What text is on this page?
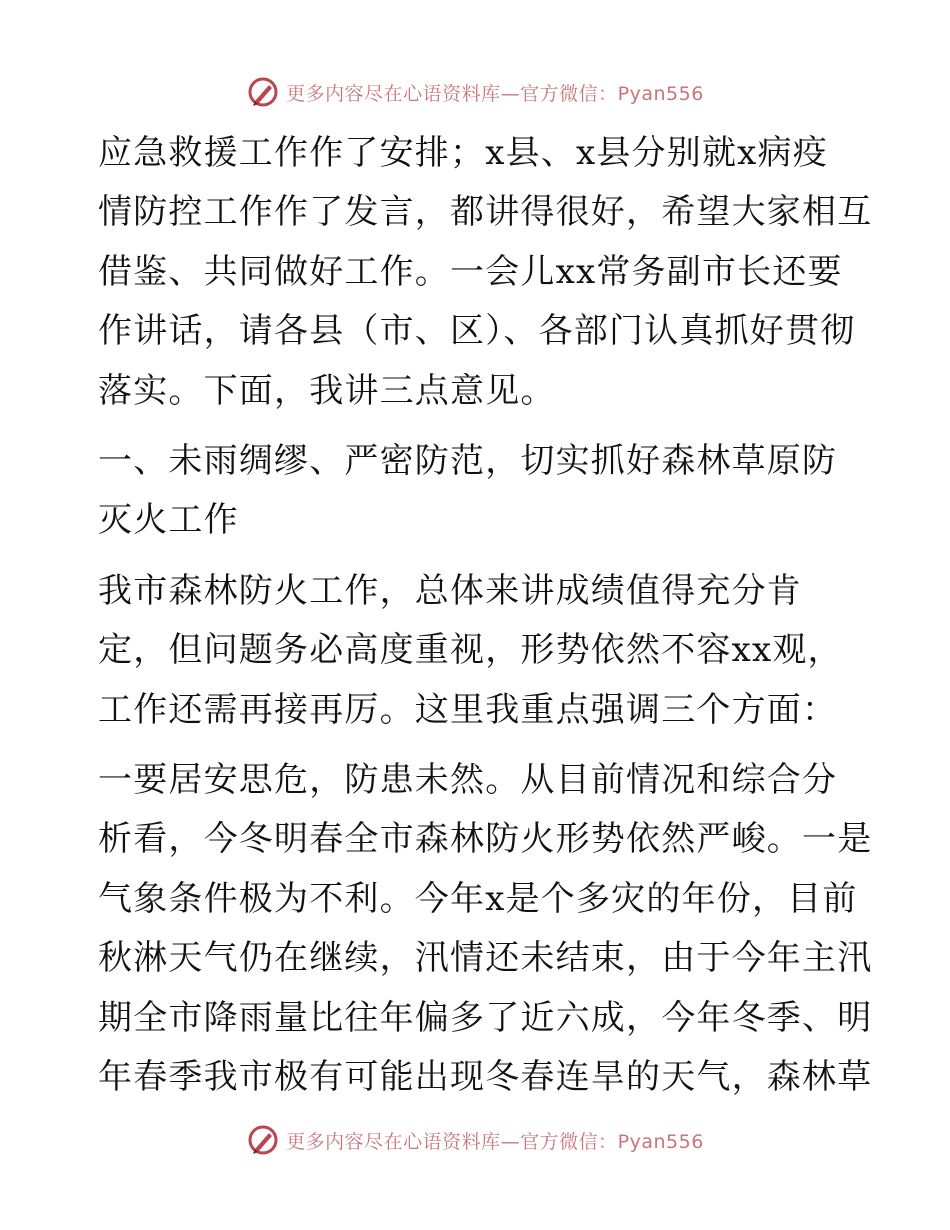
更多内容尽在心语资料库—官方微信：Pyan556

应急救援工作作了安排；x县、x县分别就x病疫
情防控工作作了发言，都讲得很好，希望大家相互
借鉴、共同做好工作。一会儿xx常务副市长还要
作讲话，请各县（市、区）、各部门认真抓好贯彻
落实。下面，我讲三点意见。

一、未雨绸缪、严密防范，切实抓好森林草原防
灭火工作

我市森林防火工作，总体来讲成绩值得充分肯
定，但问题务必高度重视，形势依然不容xx观，
工作还需再接再厉。这里我重点强调三个方面：

一要居安思危，防患未然。从目前情况和综合分
析看，今冬明春全市森林防火形势依然严峻。一是
气象条件极为不利。今年x是个多灾的年份，目前
秋淋天气仍在继续，汛情还未结束，由于今年主汛
期全市降雨量比往年偏多了近六成，今年冬季、明
年春季我市极有可能出现冬春连旱的天气，森林草

更多内容尽在心语资料库—官方微信：Pyan556
